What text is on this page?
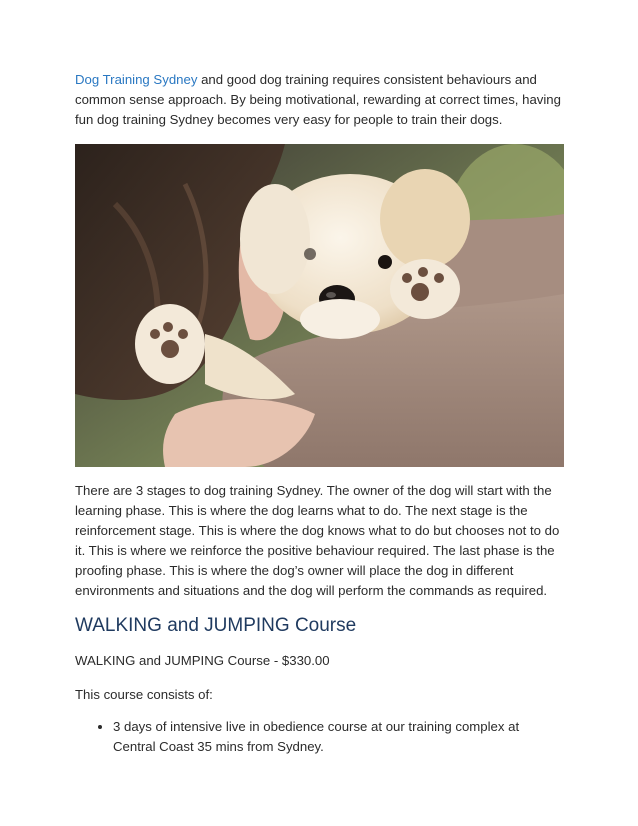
Dog Training Sydney and good dog training requires consistent behaviours and common sense approach. By being motivational, rewarding at correct times, having fun dog training Sydney becomes very easy for people to train their dogs.

There are 3 stages to dog training Sydney. The owner of the dog will start with the learning phase. This is where the dog learns what to do. The next stage is the reinforcement stage. This is where the dog knows what to do but chooses not to do it. This is where we reinforce the positive behaviour required. The last phase is the proofing phase. This is where the dog’s owner will place the dog in different environments and situations and the dog will perform the commands as required.

WALKING and JUMPING Course

WALKING and JUMPING Course - $330.00

This course consists of:

• 3 days of intensive live in obedience course at our training complex at Central Coast 35 mins from Sydney.
